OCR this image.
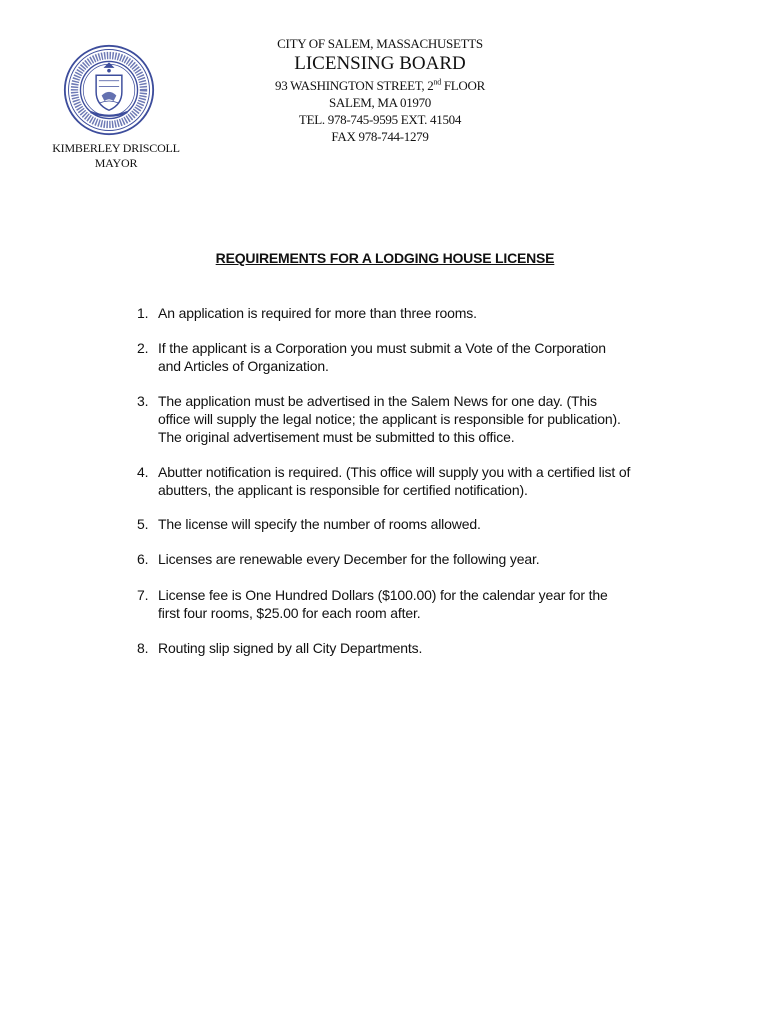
KIMBERLEY DRISCOLL
MAYOR
CITY OF SALEM, MASSACHUSETTS
LICENSING BOARD
93 WASHINGTON STREET, 2nd FLOOR
SALEM, MA 01970
TEL. 978-745-9595 EXT. 41504
FAX 978-744-1279
REQUIREMENTS FOR A LODGING HOUSE LICENSE
1. An application is required for more than three rooms.
2. If the applicant is a Corporation you must submit a Vote of the Corporation
and Articles of Organization.
3. The application must be advertised in the Salem News for one day. (This
office will supply the legal notice; the applicant is responsible for publication).
The original advertisement must be submitted to this office.
4. Abutter notification is required. (This office will supply you with a certified list of
abutters, the applicant is responsible for certified notification).
5. The license will specify the number of rooms allowed.
6. Licenses are renewable every December for the following year.
7. License fee is One Hundred Dollars ($100.00) for the calendar year for the
first four rooms, $25.00 for each room after.
8. Routing slip signed by all City Departments.
